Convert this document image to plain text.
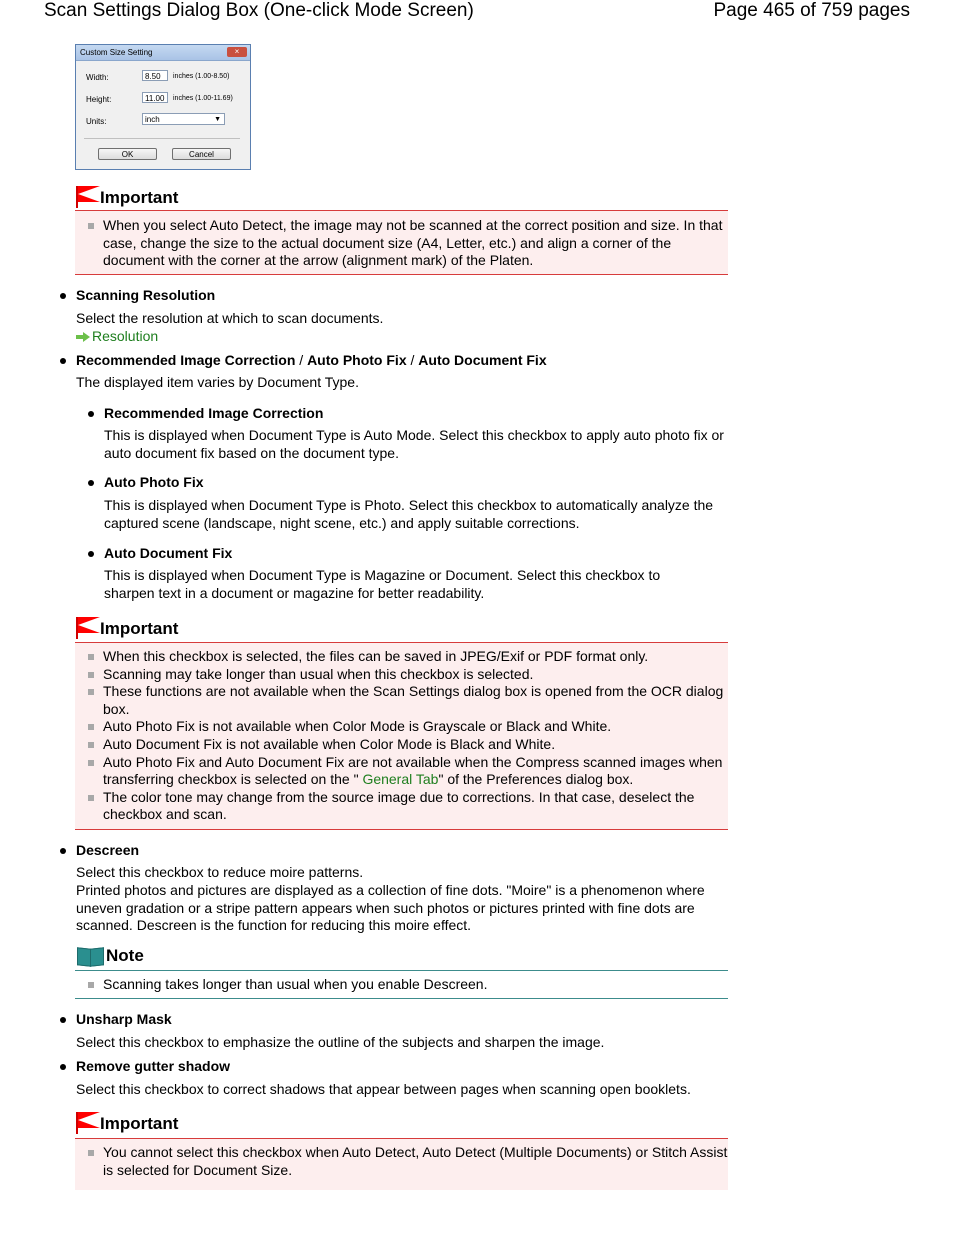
Scan Settings Dialog Box (One-click Mode Screen)	Page 465 of 759 pages
Custom Size Setting	×
Width:	8.50	inches (1.00-8.50)
Height:	11.00	inches (1.00-11.69)
Units:	inch	▼
OK	Cancel
Important
When you select Auto Detect, the image may not be scanned at the correct position and size. In that case, change the size to the actual document size (A4, Letter, etc.) and align a corner of the document with the corner at the arrow (alignment mark) of the Platen.
Scanning Resolution
Select the resolution at which to scan documents.
Resolution
Recommended Image Correction / Auto Photo Fix / Auto Document Fix
The displayed item varies by Document Type.
Recommended Image Correction
This is displayed when Document Type is Auto Mode. Select this checkbox to apply auto photo fix or auto document fix based on the document type.
Auto Photo Fix
This is displayed when Document Type is Photo. Select this checkbox to automatically analyze the captured scene (landscape, night scene, etc.) and apply suitable corrections.
Auto Document Fix
This is displayed when Document Type is Magazine or Document. Select this checkbox to sharpen text in a document or magazine for better readability.
Important
When this checkbox is selected, the files can be saved in JPEG/Exif or PDF format only.
Scanning may take longer than usual when this checkbox is selected.
These functions are not available when the Scan Settings dialog box is opened from the OCR dialog box.
Auto Photo Fix is not available when Color Mode is Grayscale or Black and White.
Auto Document Fix is not available when Color Mode is Black and White.
Auto Photo Fix and Auto Document Fix are not available when the Compress scanned images when transferring checkbox is selected on the " General Tab" of the Preferences dialog box.
The color tone may change from the source image due to corrections. In that case, deselect the checkbox and scan.
Descreen
Select this checkbox to reduce moire patterns.
Printed photos and pictures are displayed as a collection of fine dots. "Moire" is a phenomenon where uneven gradation or a stripe pattern appears when such photos or pictures printed with fine dots are scanned. Descreen is the function for reducing this moire effect.
Note
Scanning takes longer than usual when you enable Descreen.
Unsharp Mask
Select this checkbox to emphasize the outline of the subjects and sharpen the image.
Remove gutter shadow
Select this checkbox to correct shadows that appear between pages when scanning open booklets.
Important
You cannot select this checkbox when Auto Detect, Auto Detect (Multiple Documents) or Stitch Assist is selected for Document Size.
